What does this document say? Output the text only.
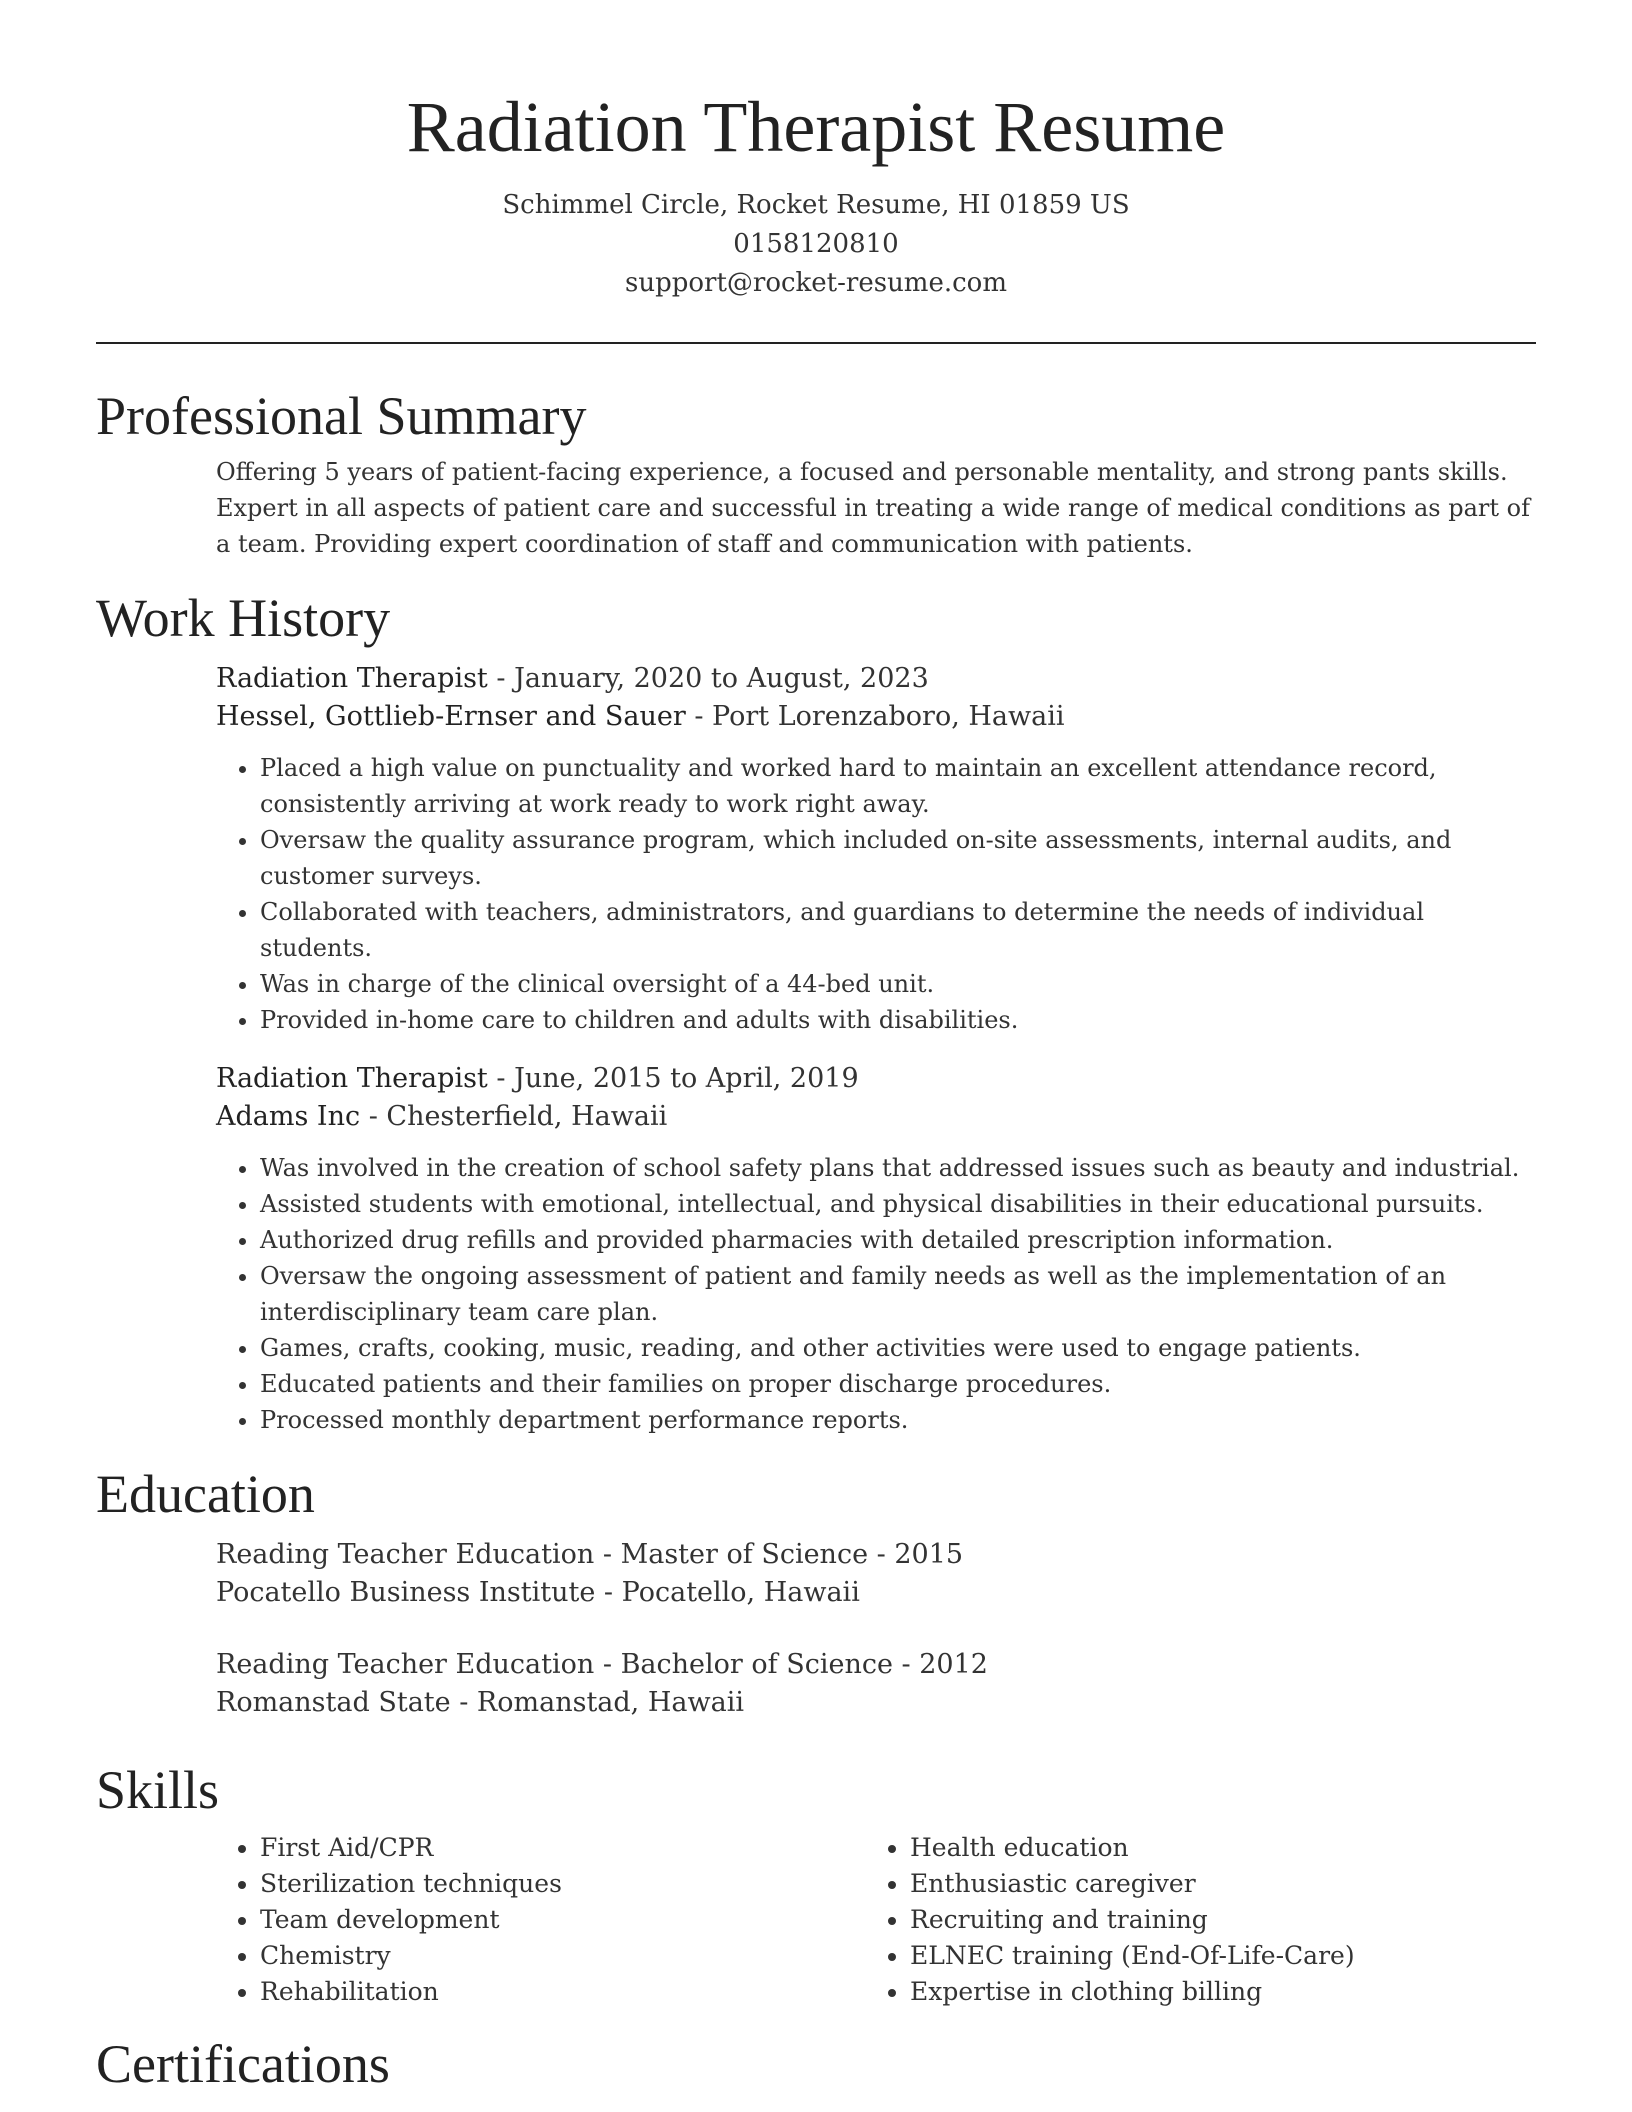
Radiation Therapist Resume
Schimmel Circle, Rocket Resume, HI 01859 US
0158120810
support@rocket-resume.com
Professional Summary

Offering 5 years of patient-facing experience, a focused and personable mentality, and strong pants skills. Expert in all aspects of patient care and successful in treating a wide range of medical conditions as part of a team. Providing expert coordination of staff and communication with patients.

Work History
Radiation Therapist - January, 2020 to August, 2023
Hessel, Gottlieb-Ernser and Sauer - Port Lorenzaboro, Hawaii
• Placed a high value on punctuality and worked hard to maintain an excellent attendance record, consistently arriving at work ready to work right away.
• Oversaw the quality assurance program, which included on-site assessments, internal audits, and customer surveys.
• Collaborated with teachers, administrators, and guardians to determine the needs of individual students.
• Was in charge of the clinical oversight of a 44-bed unit.
• Provided in-home care to children and adults with disabilities.
Radiation Therapist - June, 2015 to April, 2019
Adams Inc - Chesterfield, Hawaii
• Was involved in the creation of school safety plans that addressed issues such as beauty and industrial.
• Assisted students with emotional, intellectual, and physical disabilities in their educational pursuits.
• Authorized drug refills and provided pharmacies with detailed prescription information.
• Oversaw the ongoing assessment of patient and family needs as well as the implementation of an interdisciplinary team care plan.
• Games, crafts, cooking, music, reading, and other activities were used to engage patients.
• Educated patients and their families on proper discharge procedures.
• Processed monthly department performance reports.
Education
Reading Teacher Education - Master of Science - 2015
Pocatello Business Institute - Pocatello, Hawaii
Reading Teacher Education - Bachelor of Science - 2012
Romanstad State - Romanstad, Hawaii
Skills
• First Aid/CPR
• Sterilization techniques
• Team development
• Chemistry
• Rehabilitation
• Health education
• Enthusiastic caregiver
• Recruiting and training
• ELNEC training (End-Of-Life-Care)
• Expertise in clothing billing
Certifications
